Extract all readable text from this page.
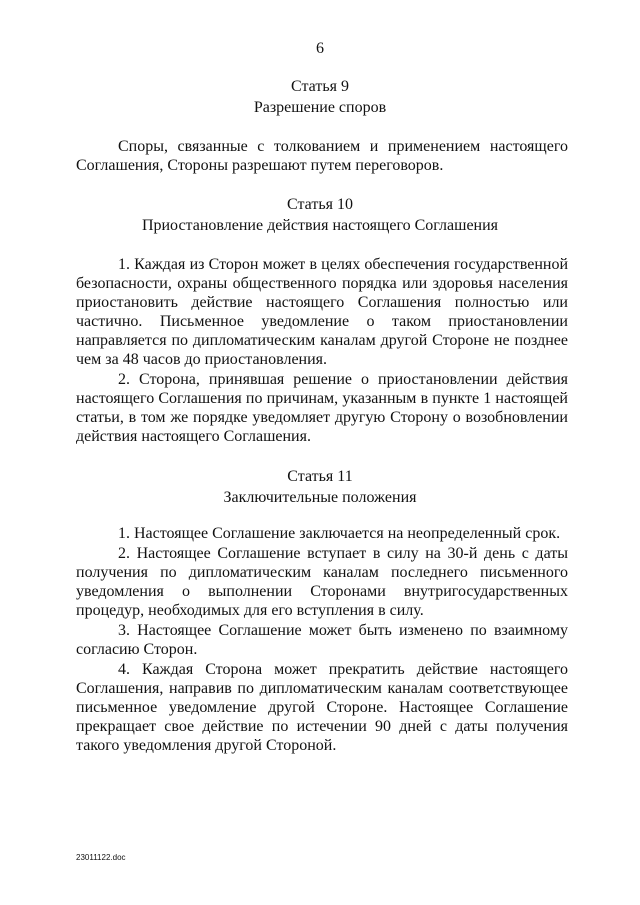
6
Статья 9
Разрешение споров

Споры, связанные с толкованием и применением настоящего Соглашения, Стороны разрешают путем переговоров.

Статья 10
Приостановление действия настоящего Соглашения

1. Каждая из Сторон может в целях обеспечения государственной безопасности, охраны общественного порядка или здоровья населения приостановить действие настоящего Соглашения полностью или частично. Письменное уведомление о таком приостановлении направляется по дипломатическим каналам другой Стороне не позднее чем за 48 часов до приостановления.

2. Сторона, принявшая решение о приостановлении действия настоящего Соглашения по причинам, указанным в пункте 1 настоящей статьи, в том же порядке уведомляет другую Сторону о возобновлении действия настоящего Соглашения.

Статья 11
Заключительные положения

1. Настоящее Соглашение заключается на неопределенный срок.

2. Настоящее Соглашение вступает в силу на 30-й день с даты получения по дипломатическим каналам последнего письменного уведомления о выполнении Сторонами внутригосударственных процедур, необходимых для его вступления в силу.

3. Настоящее Соглашение может быть изменено по взаимному согласию Сторон.

4. Каждая Сторона может прекратить действие настоящего Соглашения, направив по дипломатическим каналам соответствующее письменное уведомление другой Стороне. Настоящее Соглашение прекращает свое действие по истечении 90 дней с даты получения такого уведомления другой Стороной.

23011122.doc
